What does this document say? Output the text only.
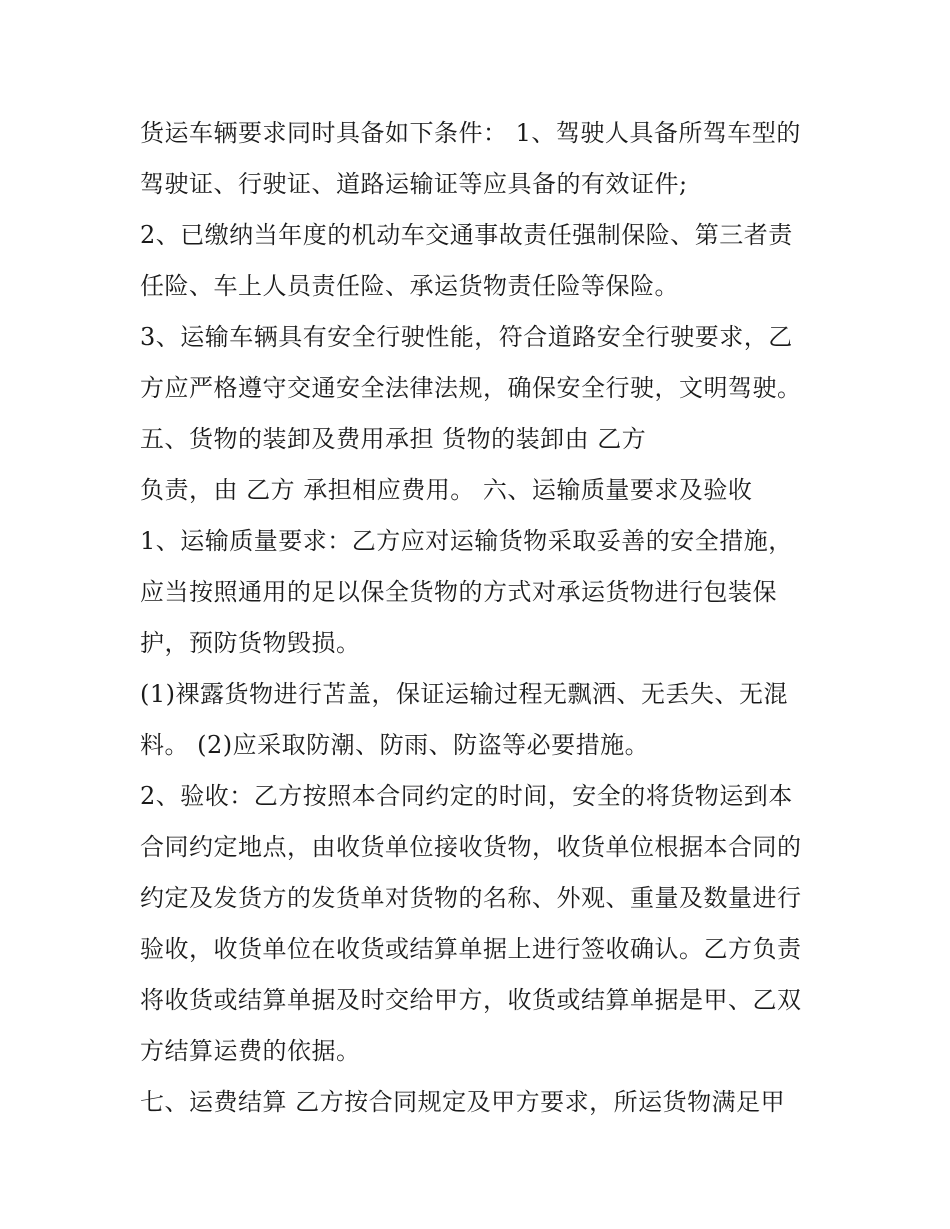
货运车辆要求同时具备如下条件： 1、驾驶人具备所驾车型的
驾驶证、行驶证、道路运输证等应具备的有效证件;
2、已缴纳当年度的机动车交通事故责任强制保险、第三者责
任险、车上人员责任险、承运货物责任险等保险。
3、运输车辆具有安全行驶性能，符合道路安全行驶要求，乙
方应严格遵守交通安全法律法规，确保安全行驶，文明驾驶。
五、货物的装卸及费用承担 货物的装卸由 乙方
负责，由 乙方 承担相应费用。 六、运输质量要求及验收
1、运输质量要求：乙方应对运输货物采取妥善的安全措施，
应当按照通用的足以保全货物的方式对承运货物进行包装保
护，预防货物毁损。
(1)裸露货物进行苫盖，保证运输过程无飘洒、无丢失、无混
料。 (2)应采取防潮、防雨、防盗等必要措施。
2、验收：乙方按照本合同约定的时间，安全的将货物运到本
合同约定地点，由收货单位接收货物，收货单位根据本合同的
约定及发货方的发货单对货物的名称、外观、重量及数量进行
验收，收货单位在收货或结算单据上进行签收确认。乙方负责
将收货或结算单据及时交给甲方，收货或结算单据是甲、乙双
方结算运费的依据。
七、运费结算 乙方按合同规定及甲方要求，所运货物满足甲
